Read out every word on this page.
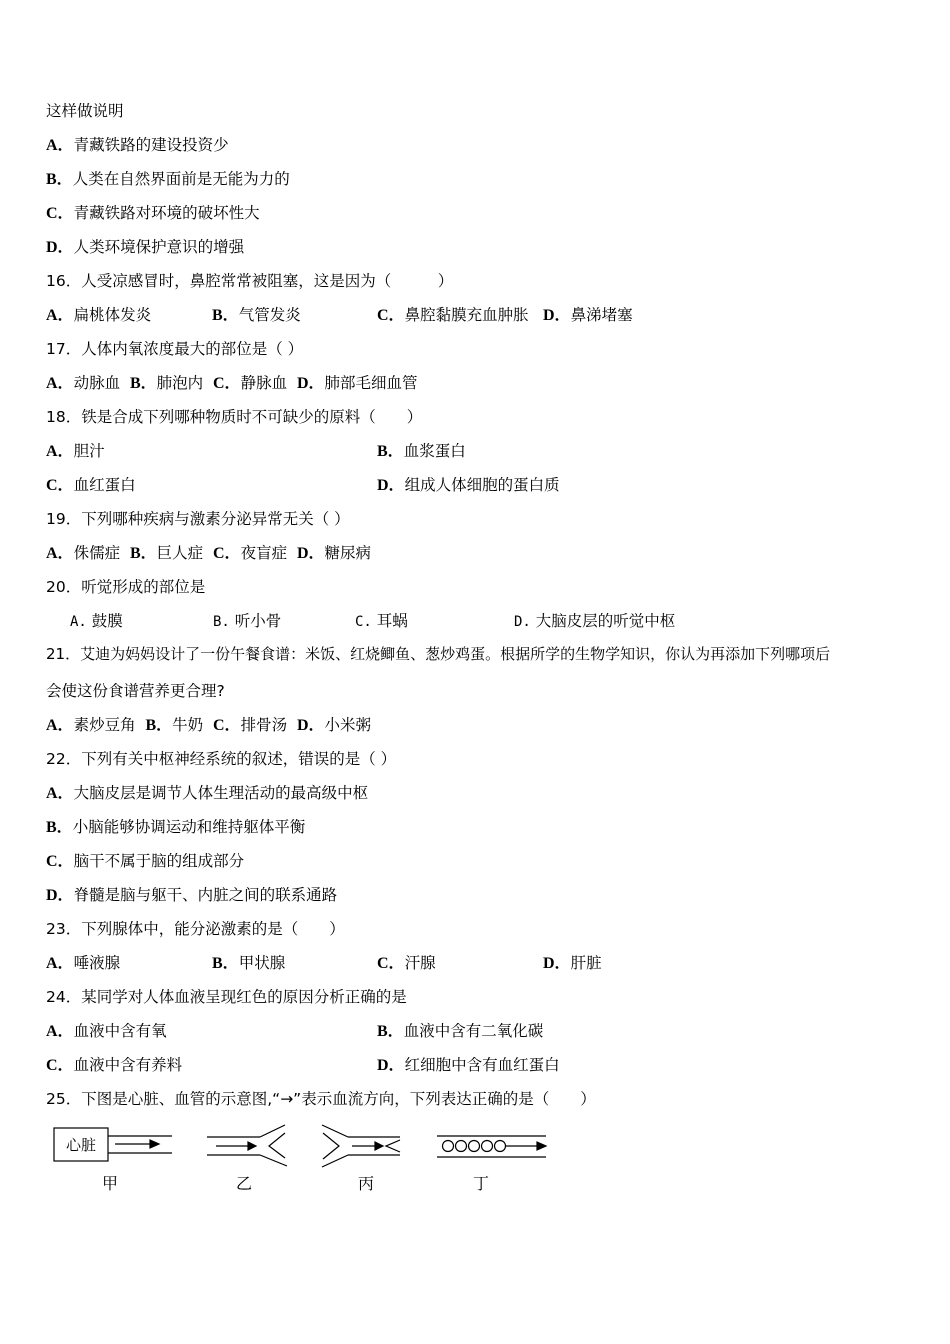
这样做说明
A．青藏铁路的建设投资少
B．人类在自然界面前是无能为力的
C．青藏铁路对环境的破坏性大
D．人类环境保护意识的增强
16．人受凉感冒时，鼻腔常常被阻塞，这是因为（　　　）
A．扁桃体发炎	B．气管发炎	C．鼻腔黏膜充血肿胀 D．鼻涕堵塞
17．人体内氧浓度最大的部位是（ ）
A．动脉血 B．肺泡内 C．静脉血 D．肺部毛细血管
18．铁是合成下列哪种物质时不可缺少的原料（　　）
A．胆汁	B．血浆蛋白
C．血红蛋白	D．组成人体细胞的蛋白质
19．下列哪种疾病与激素分泌异常无关（ ）
A．侏儒症 B．巨人症 C．夜盲症 D．糖尿病
20．听觉形成的部位是
A. 鼓膜	B. 听小骨	C. 耳蜗	D. 大脑皮层的听觉中枢
21．艾迪为妈妈设计了一份午餐食谱：米饭、红烧鲫鱼、葱炒鸡蛋。根据所学的生物学知识，你认为再添加下列哪项后
会使这份食谱营养更合理?
A．素炒豆角 B．牛奶 C．排骨汤 D．小米粥
22．下列有关中枢神经系统的叙述，错误的是（ ）
A．大脑皮层是调节人体生理活动的最高级中枢
B．小脑能够协调运动和维持躯体平衡
C．脑干不属于脑的组成部分
D．脊髓是脑与躯干、内脏之间的联系通路
23．下列腺体中，能分泌激素的是（　　）
A．唾液腺	B．甲状腺	C．汗腺	D．肝脏
24．某同学对人体血液呈现红色的原因分析正确的是
A．血液中含有氧	B．血液中含有二氧化碳
C．血液中含有养料	D．红细胞中含有血红蛋白
25．下图是心脏、血管的示意图,“→”表示血流方向，下列表达正确的是（　　）
心脏
甲	乙	丙	丁
